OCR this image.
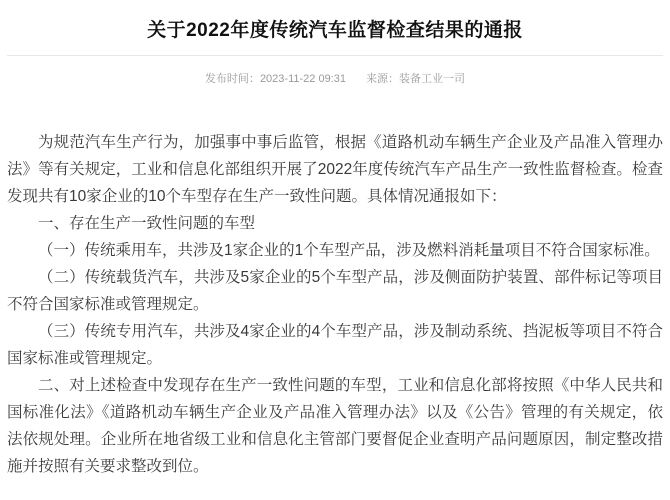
关于2022年度传统汽车监督检查结果的通报
发布时间：2023-11-22 09:31 来源：装备工业一司

为规范汽车生产行为，加强事中事后监管，根据《道路机动车辆生产企业及产品准入管理办法》等有关规定，工业和信息化部组织开展了2022年度传统汽车产品生产一致性监督检查。检查发现共有10家企业的10个车型存在生产一致性问题。具体情况通报如下：

一、存在生产一致性问题的车型

（一）传统乘用车，共涉及1家企业的1个车型产品，涉及燃料消耗量项目不符合国家标准。

（二）传统载货汽车，共涉及5家企业的5个车型产品，涉及侧面防护装置、部件标记等项目不符合国家标准或管理规定。

（三）传统专用汽车，共涉及4家企业的4个车型产品，涉及制动系统、挡泥板等项目不符合国家标准或管理规定。

二、对上述检查中发现存在生产一致性问题的车型，工业和信息化部将按照《中华人民共和国标准化法》《道路机动车辆生产企业及产品准入管理办法》以及《公告》管理的有关规定，依法依规处理。企业所在地省级工业和信息化主管部门要督促企业查明产品问题原因，制定整改措施并按照有关要求整改到位。
